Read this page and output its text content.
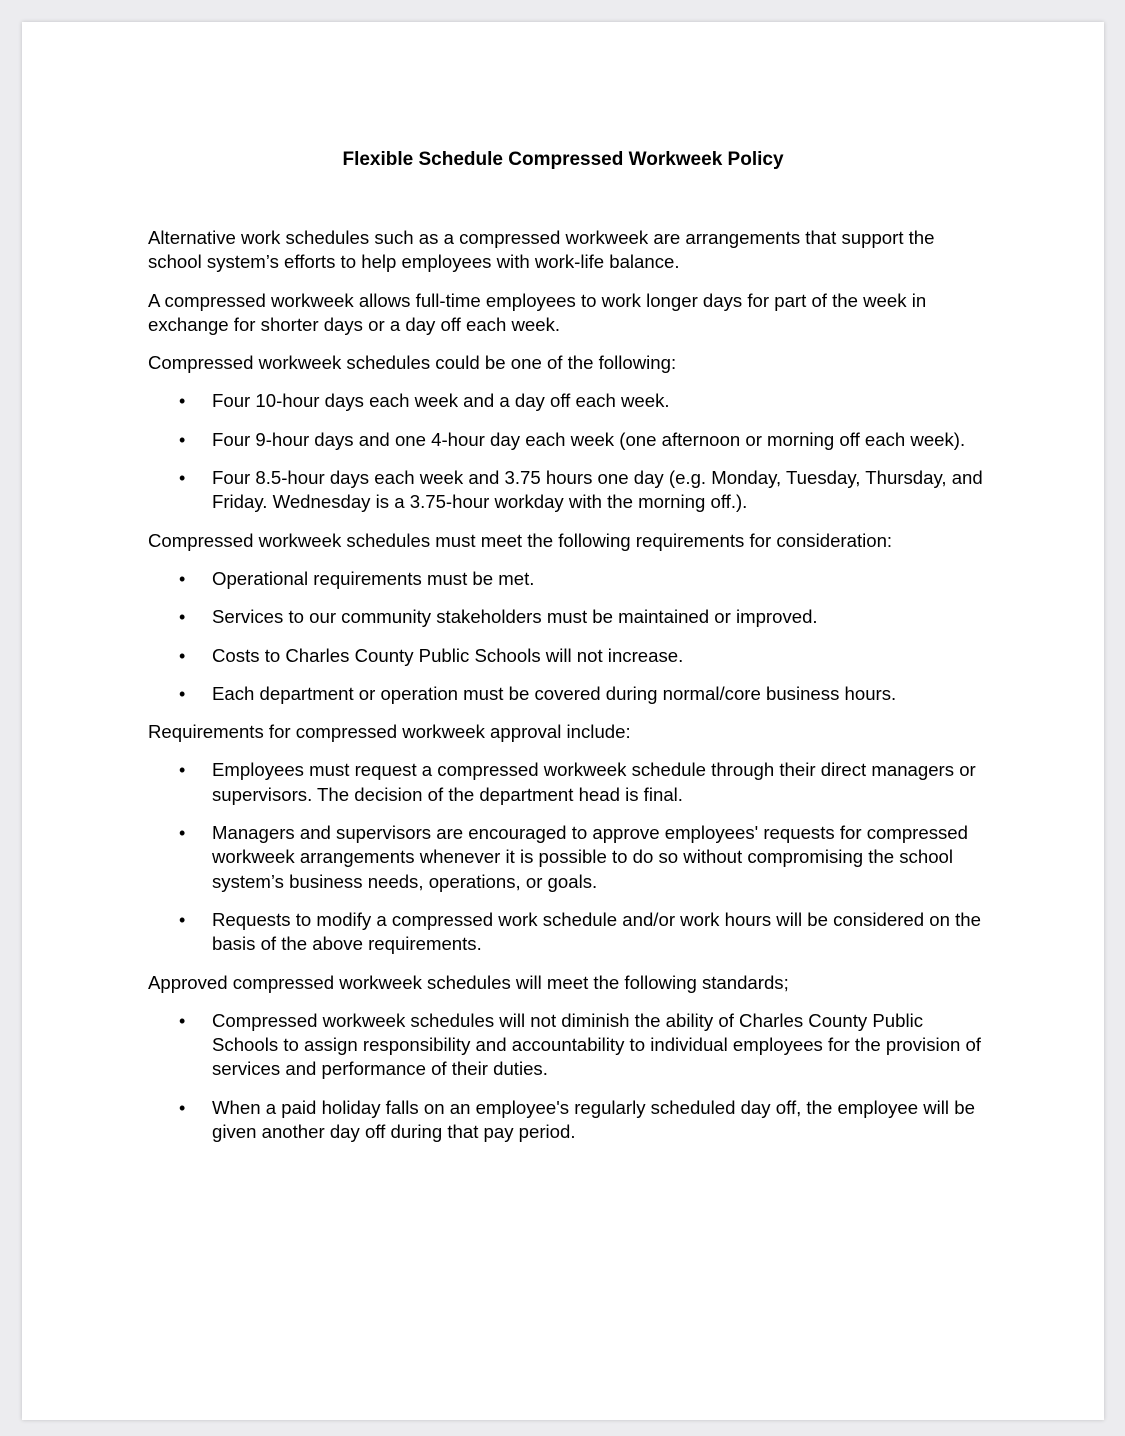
Flexible Schedule Compressed Workweek Policy

Alternative work schedules such as a compressed workweek are arrangements that support the school system’s efforts to help employees with work-life balance.

A compressed workweek allows full-time employees to work longer days for part of the week in exchange for shorter days or a day off each week.

Compressed workweek schedules could be one of the following:

• Four 10-hour days each week and a day off each week.
• Four 9-hour days and one 4-hour day each week (one afternoon or morning off each week).
• Four 8.5-hour days each week and 3.75 hours one day (e.g. Monday, Tuesday, Thursday, and Friday. Wednesday is a 3.75-hour workday with the morning off.).

Compressed workweek schedules must meet the following requirements for consideration:

• Operational requirements must be met.
• Services to our community stakeholders must be maintained or improved.
• Costs to Charles County Public Schools will not increase.
• Each department or operation must be covered during normal/core business hours.

Requirements for compressed workweek approval include:

• Employees must request a compressed workweek schedule through their direct managers or supervisors. The decision of the department head is final.
• Managers and supervisors are encouraged to approve employees' requests for compressed workweek arrangements whenever it is possible to do so without compromising the school system’s business needs, operations, or goals.
• Requests to modify a compressed work schedule and/or work hours will be considered on the basis of the above requirements.

Approved compressed workweek schedules will meet the following standards;

• Compressed workweek schedules will not diminish the ability of Charles County Public Schools to assign responsibility and accountability to individual employees for the provision of services and performance of their duties.
• When a paid holiday falls on an employee's regularly scheduled day off, the employee will be given another day off during that pay period.
